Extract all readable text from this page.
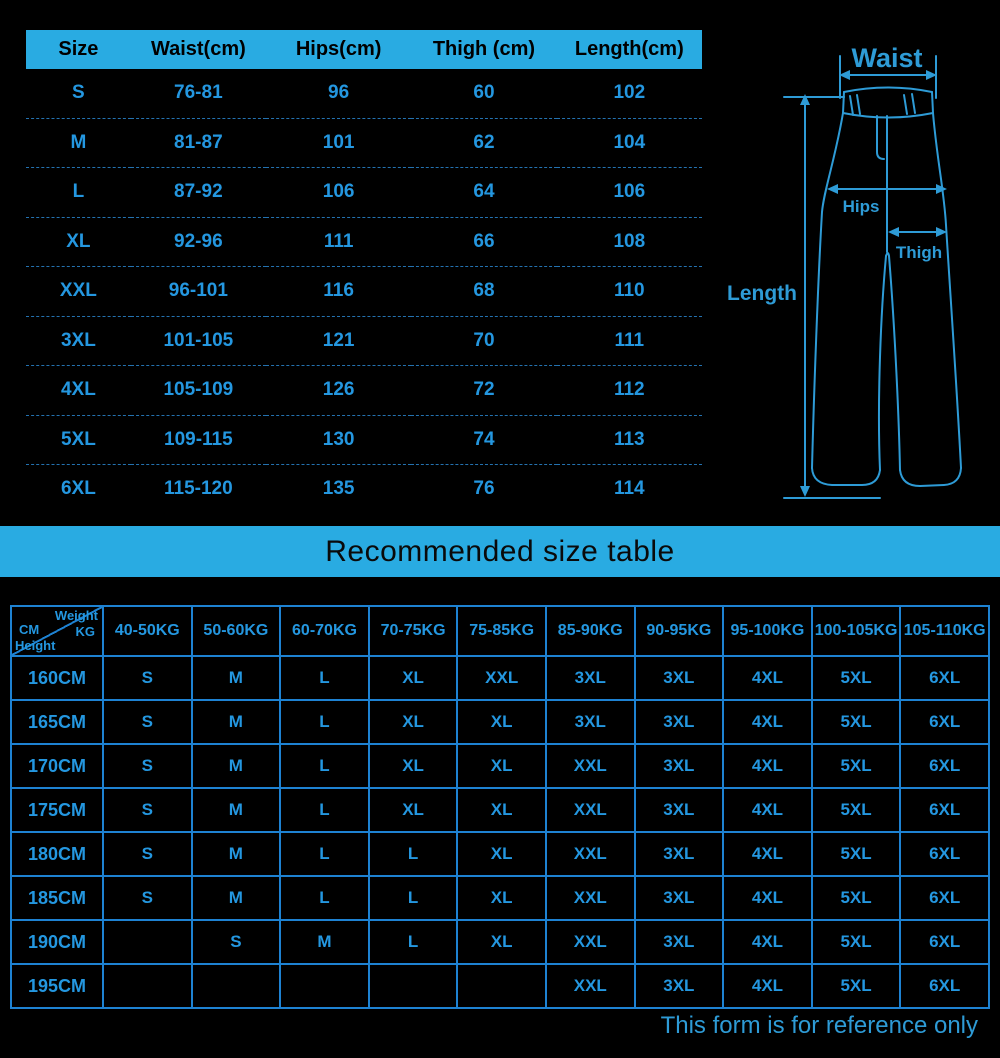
Size	Waist(cm)	Hips(cm)	Thigh (cm)	Length(cm)
S	76-81	96	60	102
M	81-87	101	62	104
L	87-92	106	64	106
XL	92-96	111	66	108
XXL	96-101	116	68	110
3XL	101-105	121	70	111
4XL	105-109	126	72	112
5XL	109-115	130	74	113
6XL	115-120	135	76	114
Waist
Hips
Thigh
Length
Recommended size table
Weight
KG
CM
Height	40-50KG	50-60KG	60-70KG	70-75KG	75-85KG	85-90KG	90-95KG	95-100KG	100-105KG	105-110KG
160CM	S	M	L	XL	XXL	3XL	3XL	4XL	5XL	6XL
165CM	S	M	L	XL	XL	3XL	3XL	4XL	5XL	6XL
170CM	S	M	L	XL	XL	XXL	3XL	4XL	5XL	6XL
175CM	S	M	L	XL	XL	XXL	3XL	4XL	5XL	6XL
180CM	S	M	L	L	XL	XXL	3XL	4XL	5XL	6XL
185CM	S	M	L	L	XL	XXL	3XL	4XL	5XL	6XL
190CM		S	M	L	XL	XXL	3XL	4XL	5XL	6XL
195CM						XXL	3XL	4XL	5XL	6XL
This form is for reference only
